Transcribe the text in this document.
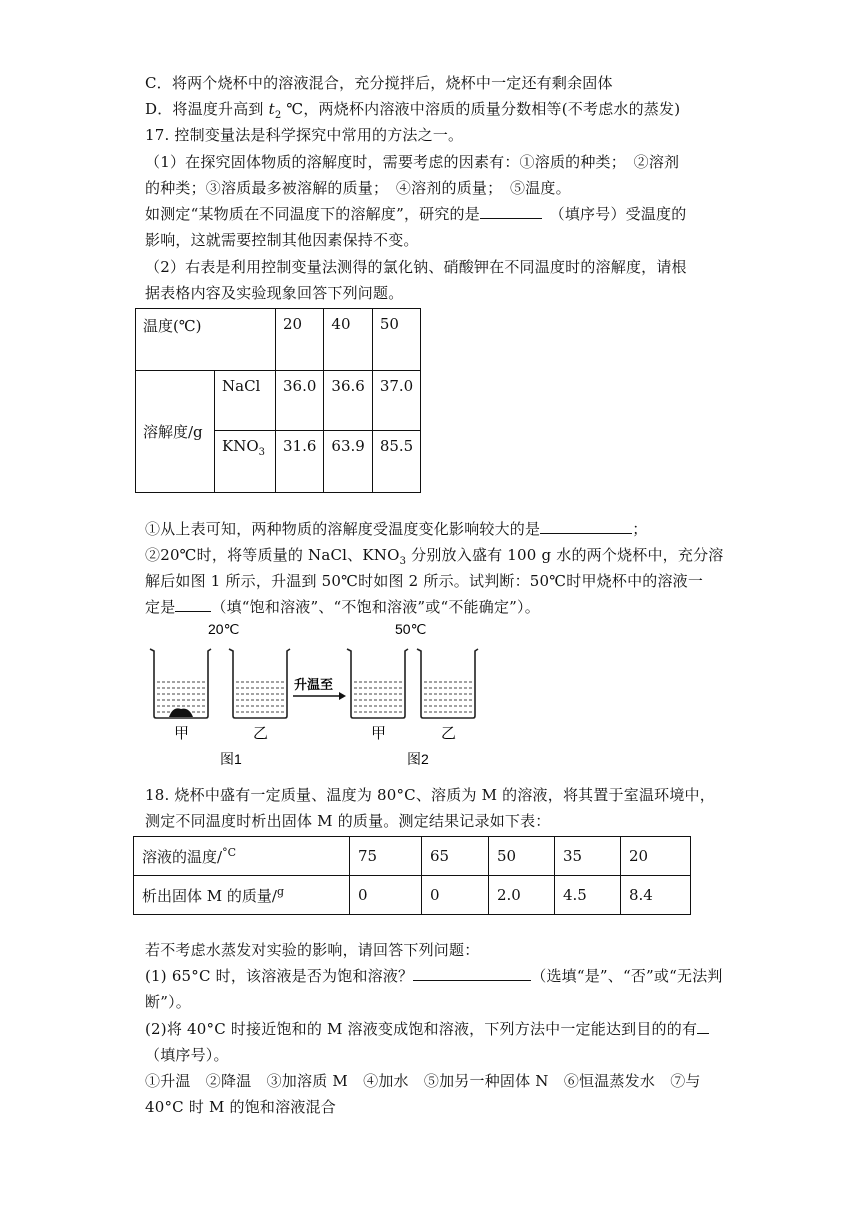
C．将两个烧杯中的溶液混合，充分搅拌后，烧杯中一定还有剩余固体
D．将温度升高到 $t_2$ ℃，两烧杯内溶液中溶质的质量分数相等(不考虑水的蒸发)
17. 控制变量法是科学探究中常用的方法之一。
（1）在探究固体物质的溶解度时，需要考虑的因素有：①溶质的种类；　②溶剂
的种类；③溶质最多被溶解的质量；　④溶剂的质量；　⑤温度。
如测定“某物质在不同温度下的溶解度”，研究的是	　（填序号）受温度的
影响，这就需要控制其他因素保持不变。
（2）右表是利用控制变量法测得的氯化钠、硝酸钾在不同温度时的溶解度，请根
据表格内容及实验现象回答下列问题。
温度(℃)		20	40	50
溶解度/g	NaCl	36.0	36.6	37.0
	$KNO_3$	31.6	63.9	85.5
①从上表可知，两种物质的溶解度受温度变化影响较大的是	；
②20℃时，将等质量的 NaCl、$KNO_3$ 分别放入盛有 100 g 水的两个烧杯中，充分溶
解后如图 1 所示，升温到 50℃时如图 2 所示。试判断：50℃时甲烧杯中的溶液一
定是 （填“饱和溶液”、“不饱和溶液”或“不能确定”）。
20℃	50℃
升温至
甲	乙	甲	乙
图1	图2
18. 烧杯中盛有一定质量、温度为 80°C、溶质为 M 的溶液，将其置于室温环境中，
测定不同温度时析出固体 M 的质量。测定结果记录如下表：
溶液的温度/$^{^\circ C}$	75	65	50	35	20
析出固体 M 的质量/$^g$	0	0	2.0	4.5	8.4
若不考虑水蒸发对实验的影响，请回答下列问题：
(1) 65°C 时，该溶液是否为饱和溶液？	（选填“是”、“否”或“无法判
断”）。
(2)将 40°C 时接近饱和的 M 溶液变成饱和溶液，下列方法中一定能达到目的的有
（填序号）。
①升温　②降温　③加溶质 M　④加水　⑤加另一种固体 N　⑥恒温蒸发水　⑦与
40°C 时 M 的饱和溶液混合
